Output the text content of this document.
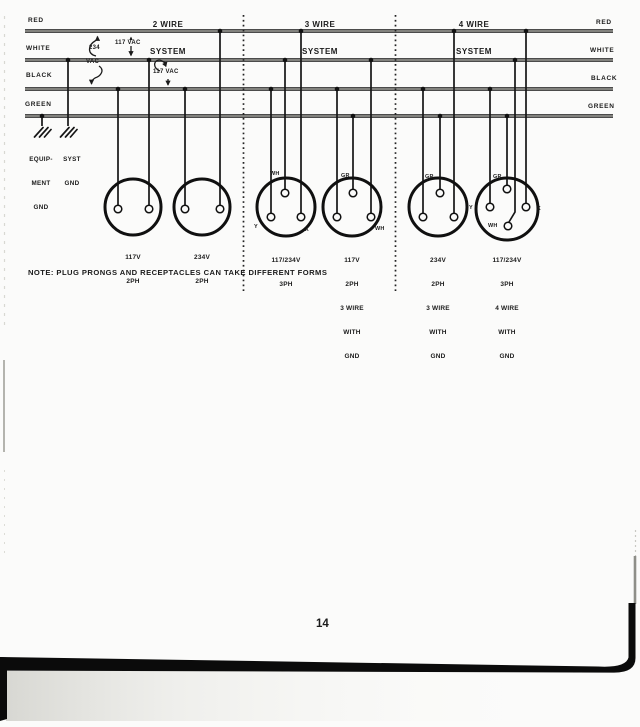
2 WIRE

SYSTEM

3 WIRE

SYSTEM

4 WIRE

SYSTEM

RED
WHITE
BLACK
GREEN
RED
WHITE
BLACK
GREEN
117 VAC
234
VAC
117 VAC

EQUIP-

MENT

GND

SYST

GND

WH
Y	X
GR
WH
GR	GR
Y	X
WH

117V

2PH

234V

2PH

117/234V

3PH

117V

2PH

3 WIRE

WITH

GND

234V

2PH

3 WIRE

WITH

GND

117/234V

3PH

4 WIRE

WITH

GND

NOTE: PLUG PRONGS AND RECEPTACLES CAN TAKE DIFFERENT FORMS
14
